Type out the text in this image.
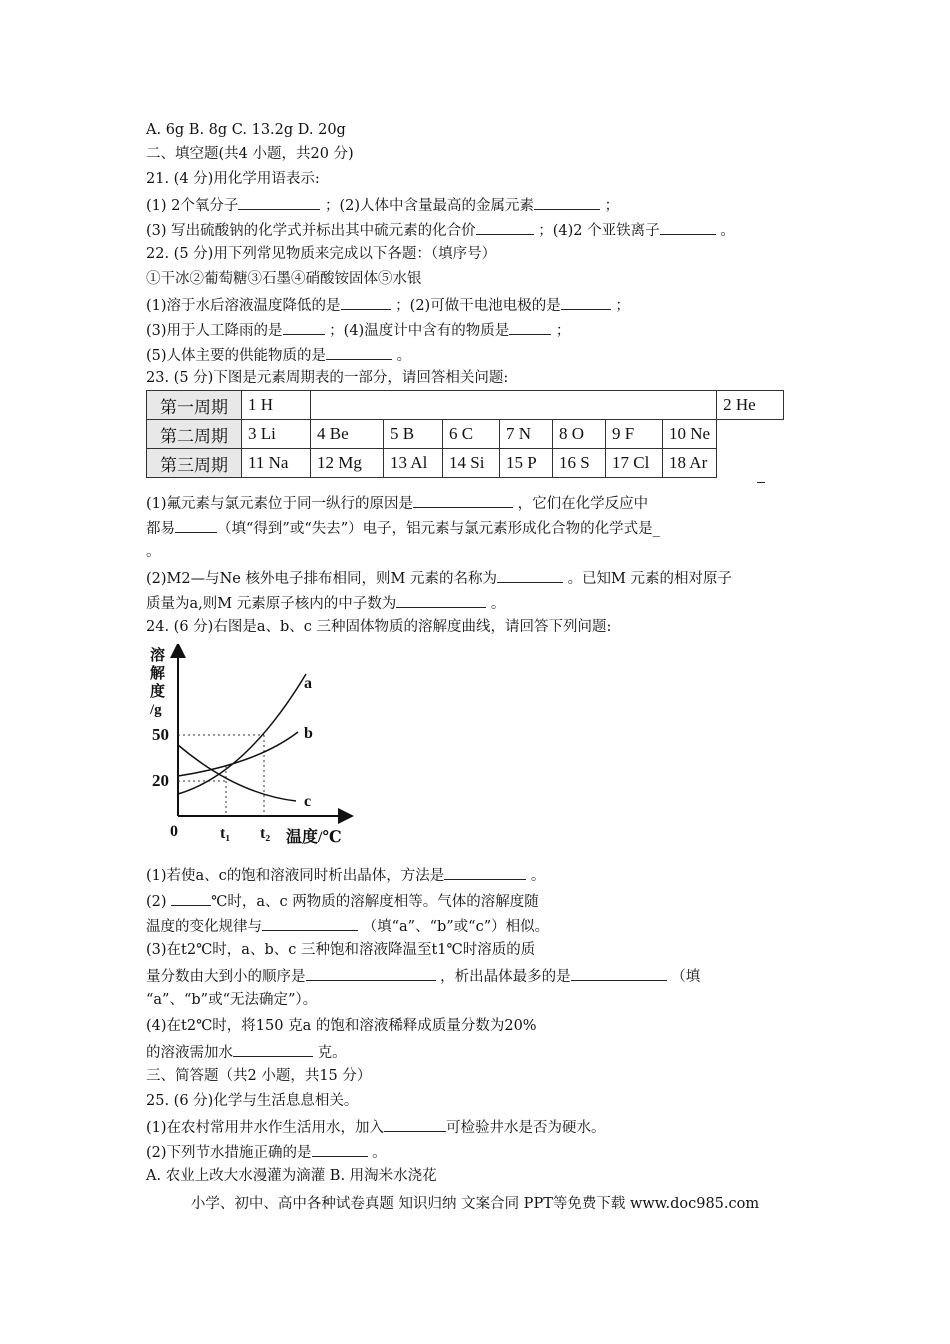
A. 6g B. 8g C. 13.2g D. 20g
二、填空题(共4 小题，共20 分)
21. (4 分)用化学用语表示:
(1) 2个氧分子	；(2)人体中含量最高的金属元素	；
(3) 写出硫酸钠的化学式并标出其中硫元素的化合价	；(4)2 个亚铁离子	。
22. (5 分)用下列常见物质来完成以下各题：（填序号）
①干冰②葡萄糖③石墨④硝酸铵固体⑤水银
(1)溶于水后溶液温度降低的是	；(2)可做干电池电极的是	；
(3)用于人工降雨的是	；(4)温度计中含有的物质是	；
(5)人体主要的供能物质的是	。
23. (5 分)下图是元素周期表的一部分，请回答相关问题:
第一周期	1 H								2 He
第二周期	3 Li	4 Be	5 B	6 C	7 N	8 O	9 F	10 Ne	
第三周期	11 Na	12 Mg	13 Al	14 Si	15 P	16 S	17 Cl	18 Ar	
(1)氟元素与氯元素位于同一纵行的原因是	，它们在化学反应中
都易	（填“得到”或“失去”）电子，铝元素与氯元素形成化合物的化学式是_
。
(2)M2—与Ne 核外电子排布相同，则M 元素的名称为	。已知M 元素的相对原子
质量为a,则M 元素原子核内的中子数为	。
24. (6 分)右图是a、b、c 三种固体物质的溶解度曲线，请回答下列问题:
溶 解 度 /g
50
20
0	t₁ t₂ 温度/℃
a
b
c
(1)若使a、c的饱和溶液同时析出晶体，方法是	。
(2)	℃时，a、c 两物质的溶解度相等。气体的溶解度随
温度的变化规律与	（填“a”、“b”或“c”）相似。
(3)在t2℃时，a、b、c 三种饱和溶液降温至t1℃时溶质的质
量分数由大到小的顺序是	，析出晶体最多的是	（填
“a”、“b”或“无法确定”）。
(4)在t2℃时，将150 克a 的饱和溶液稀释成质量分数为20%
的溶液需加水	克。
三、简答题（共2 小题，共15 分）
25. (6 分)化学与生活息息相关。
(1)在农村常用井水作生活用水，加入	可检验井水是否为硬水。
(2)下列节水措施正确的是	。
A. 农业上改大水漫灌为滴灌 B. 用淘米水浇花
小学、初中、高中各种试卷真题 知识归纳 文案合同 PPT等免费下载 www.doc985.com
